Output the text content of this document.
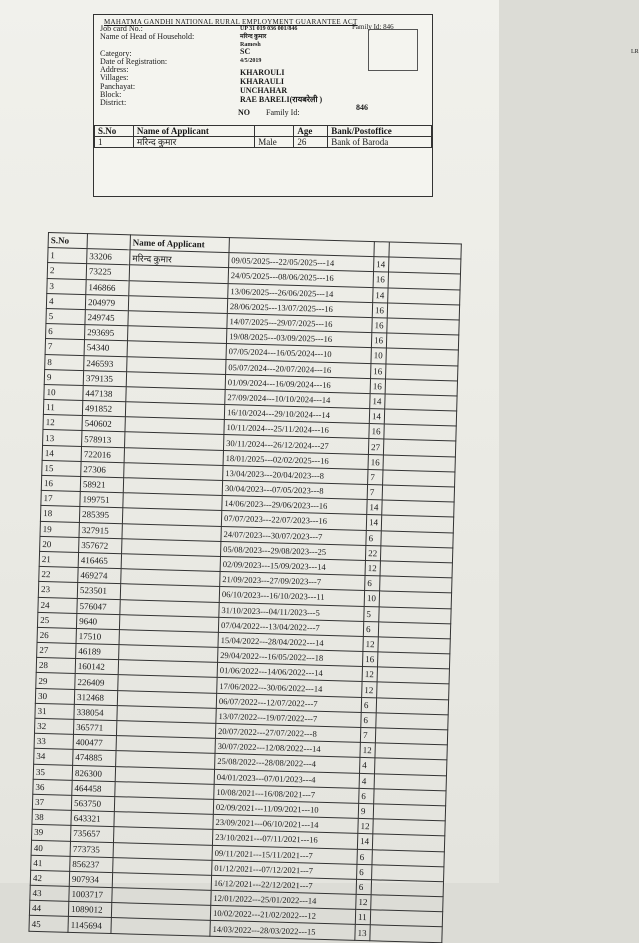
MAHATMA GANDHI NATIONAL RURAL EMPLOYMENT GUARANTEE ACT
Family Id: 846
LR
Job card No.:	UP 31 019 036 001/846
Name of Head of Household:	मरिन्द कुमार
Ramesh
Category:	SC
Date of Registration:	4/5/2019
Address:
Villages:
KHAROULI
Panchayat:
KHARAULI
Block:	UNCHAHAR
District:	RAE BARELI(रायबरेली )
NO Family Id:
846
S.No	Name of Applicant		Age	Bank/Postoffice
1	मरिन्द कुमार	Male	26	Bank of Baroda
S.No		Name of Applicant			
1	33206	मरिन्द कुमार	09/05/2025---22/05/2025---14	14	
2	73225		24/05/2025---08/06/2025---16	16	
3	146866		13/06/2025---26/06/2025---14	14	
4	204979		28/06/2025---13/07/2025---16	16	
5	249745		14/07/2025---29/07/2025---16	16	
6	293695		19/08/2025---03/09/2025---16	16	
7	54340		07/05/2024---16/05/2024---10	10	
8	246593		05/07/2024---20/07/2024---16	16	
9	379135		01/09/2024---16/09/2024---16	16	
10	447138		27/09/2024---10/10/2024---14	14	
11	491852		16/10/2024---29/10/2024---14	14	
12	540602		10/11/2024---25/11/2024---16	16	
13	578913		30/11/2024---26/12/2024---27	27	
14	722016		18/01/2025---02/02/2025---16	16	
15	27306		13/04/2023---20/04/2023---8	7	
16	58921		30/04/2023---07/05/2023---8	7	
17	199751		14/06/2023---29/06/2023---16	14	
18	285395		07/07/2023---22/07/2023---16	14	
19	327915		24/07/2023---30/07/2023---7	6	
20	357672		05/08/2023---29/08/2023---25	22	
21	416465		02/09/2023---15/09/2023---14	12	
22	469274		21/09/2023---27/09/2023---7	6	
23	523501		06/10/2023---16/10/2023---11	10	
24	576047		31/10/2023---04/11/2023---5	5	
25	9640		07/04/2022---13/04/2022---7	6	
26	17510		15/04/2022---28/04/2022---14	12	
27	46189		29/04/2022---16/05/2022---18	16	
28	160142		01/06/2022---14/06/2022---14	12	
29	226409		17/06/2022---30/06/2022---14	12	
30	312468		06/07/2022---12/07/2022---7	6	
31	338054		13/07/2022---19/07/2022---7	6	
32	365771		20/07/2022---27/07/2022---8	7	
33	400477		30/07/2022---12/08/2022---14	12	
34	474885		25/08/2022---28/08/2022---4	4	
35	826300		04/01/2023---07/01/2023---4	4	
36	464458		10/08/2021---16/08/2021---7	6	
37	563750		02/09/2021---11/09/2021---10	9	
38	643321		23/09/2021---06/10/2021---14	12	
39	735657		23/10/2021---07/11/2021---16	14	
40	773735		09/11/2021---15/11/2021---7	6	
41	856237		01/12/2021---07/12/2021---7	6	
42	907934		16/12/2021---22/12/2021---7	6	
43	1003717		12/01/2022---25/01/2022---14	12	
44	1089012		10/02/2022---21/02/2022---12	11	
45	1145694		14/03/2022---28/03/2022---15	13	
